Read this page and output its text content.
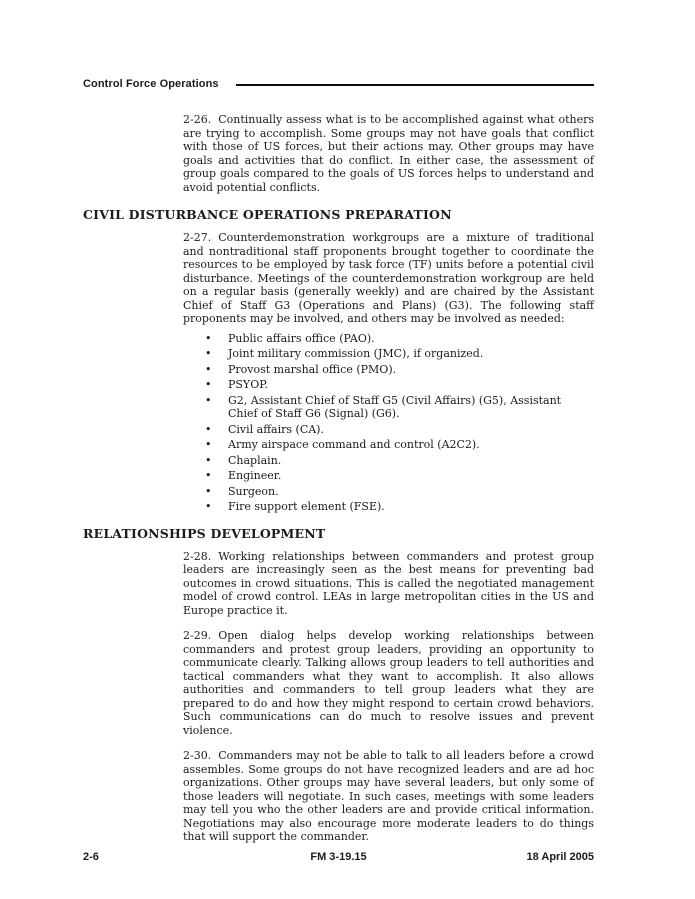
Control Force Operations

2-26. Continually assess what is to be accomplished against what others are trying to accomplish. Some groups may not have goals that conflict with those of US forces, but their actions may. Other groups may have goals and activities that do conflict. In either case, the assessment of group goals compared to the goals of US forces helps to understand and avoid potential conflicts.

CIVIL DISTURBANCE OPERATIONS PREPARATION

2-27. Counterdemonstration workgroups are a mixture of traditional and nontraditional staff proponents brought together to coordinate the resources to be employed by task force (TF) units before a potential civil disturbance. Meetings of the counterdemonstration workgroup are held on a regular basis (generally weekly) and are chaired by the Assistant Chief of Staff G3 (Operations and Plans) (G3). The following staff proponents may be involved, and others may be involved as needed:

•	Public affairs office (PAO).
•	Joint military commission (JMC), if organized.
•	Provost marshal office (PMO).
•	PSYOP.
•	G2, Assistant Chief of Staff G5 (Civil Affairs) (G5), Assistant Chief of Staff G6 (Signal) (G6).
•	Civil affairs (CA).
•	Army airspace command and control (A2C2).
•	Chaplain.
•	Engineer.
•	Surgeon.
•	Fire support element (FSE).
RELATIONSHIPS DEVELOPMENT

2-28. Working relationships between commanders and protest group leaders are increasingly seen as the best means for preventing bad outcomes in crowd situations. This is called the negotiated management model of crowd control. LEAs in large metropolitan cities in the US and Europe practice it.

2-29. Open dialog helps develop working relationships between commanders and protest group leaders, providing an opportunity to communicate clearly. Talking allows group leaders to tell authorities and tactical commanders what they want to accomplish. It also allows authorities and commanders to tell group leaders what they are prepared to do and how they might respond to certain crowd behaviors. Such communications can do much to resolve issues and prevent violence.

2-30. Commanders may not be able to talk to all leaders before a crowd assembles. Some groups do not have recognized leaders and are ad hoc organizations. Other groups may have several leaders, but only some of those leaders will negotiate. In such cases, meetings with some leaders may tell you who the other leaders are and provide critical information. Negotiations may also encourage more moderate leaders to do things that will support the commander.

2-6	FM 3-19.15	18 April 2005
